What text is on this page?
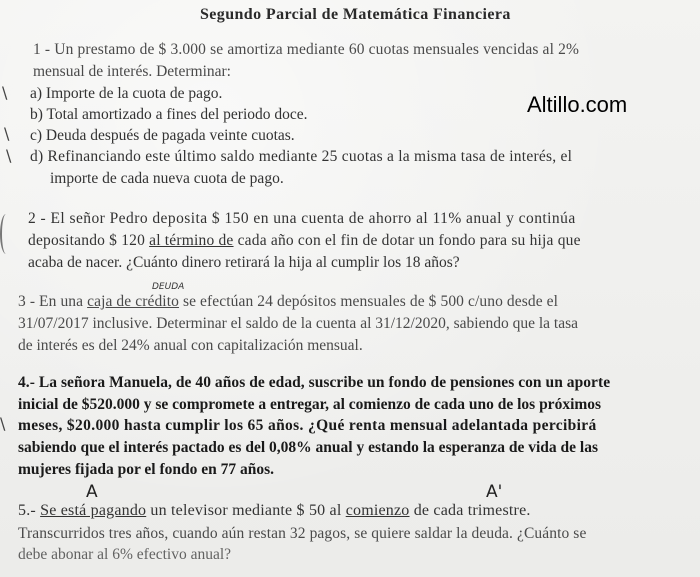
Segundo Parcial de Matemática Financiera
Altillo.com
1 - Un prestamo de $ 3.000 se amortiza mediante 60 cuotas mensuales vencidas al 2%
mensual de interés. Determinar:
\ a) Importe de la cuota de pago.
b) Total amortizado a fines del periodo doce.
\ c) Deuda después de pagada veinte cuotas.
\ d) Refinanciando este último saldo mediante 25 cuotas a la misma tasa de interés, el
importe de cada nueva cuota de pago.
2 - El señor Pedro deposita $ 150 en una cuenta de ahorro al 11% anual y continúa
depositando $ 120 al término de cada año con el fin de dotar un fondo para su hija que
acaba de nacer. ¿Cuánto dinero retirará la hija al cumplir los 18 años?
DEUDA
3 - En una caja de crédito se efectúan 24 depósitos mensuales de $ 500 c/uno desde el
31/07/2017 inclusive. Determinar el saldo de la cuenta al 31/12/2020, sabiendo que la tasa
de interés es del 24% anual con capitalización mensual.
4.- La señora Manuela, de 40 años de edad, suscribe un fondo de pensiones con un aporte
inicial de $520.000 y se compromete a entregar, al comienzo de cada uno de los próximos
\ meses, $20.000 hasta cumplir los 65 años. ¿Qué renta mensual adelantada percibirá
sabiendo que el interés pactado es del 0,08% anual y estando la esperanza de vida de las
mujeres fijada por el fondo en 77 años.
A	A'
5.- Se está pagando un televisor mediante $ 50 al comienzo de cada trimestre.
Transcurridos tres años, cuando aún restan 32 pagos, se quiere saldar la deuda. ¿Cuánto se
debe abonar al 6% efectivo anual?
